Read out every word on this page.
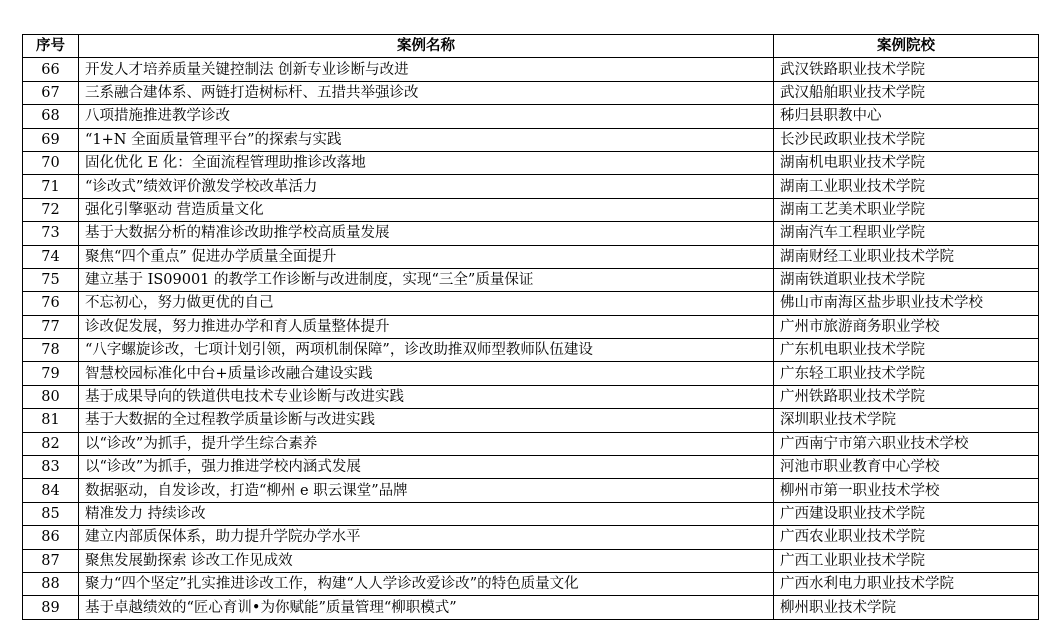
序号	案例名称	案例院校
66	开发人才培养质量关键控制法 创新专业诊断与改进	武汉铁路职业技术学院
67	三系融合建体系、两链打造树标杆、五措共举强诊改	武汉船舶职业技术学院
68	八项措施推进教学诊改	秭归县职教中心
69	“1+N 全面质量管理平台”的探索与实践	长沙民政职业技术学院
70	固化优化 E 化：全面流程管理助推诊改落地	湖南机电职业技术学院
71	“诊改式”绩效评价激发学校改革活力	湖南工业职业技术学院
72	强化引擎驱动 营造质量文化	湖南工艺美术职业学院
73	基于大数据分析的精准诊改助推学校高质量发展	湖南汽车工程职业学院
74	聚焦“四个重点” 促进办学质量全面提升	湖南财经工业职业技术学院
75	建立基于 IS09001 的教学工作诊断与改进制度，实现“三全”质量保证	湖南铁道职业技术学院
76	不忘初心，努力做更优的自己	佛山市南海区盐步职业技术学校
77	诊改促发展，努力推进办学和育人质量整体提升	广州市旅游商务职业学校
78	“八字螺旋诊改，七项计划引领，两项机制保障”，诊改助推双师型教师队伍建设	广东机电职业技术学院
79	智慧校园标准化中台+质量诊改融合建设实践	广东轻工职业技术学院
80	基于成果导向的铁道供电技术专业诊断与改进实践	广州铁路职业技术学院
81	基于大数据的全过程教学质量诊断与改进实践	深圳职业技术学院
82	以“诊改”为抓手，提升学生综合素养	广西南宁市第六职业技术学校
83	以“诊改”为抓手，强力推进学校内涵式发展	河池市职业教育中心学校
84	数据驱动，自发诊改，打造“柳州 e 职云课堂”品牌	柳州市第一职业技术学校
85	精准发力 持续诊改	广西建设职业技术学院
86	建立内部质保体系，助力提升学院办学水平	广西农业职业技术学院
87	聚焦发展勤探索 诊改工作见成效	广西工业职业技术学院
88	聚力“四个坚定”扎实推进诊改工作，构建“人人学诊改爱诊改”的特色质量文化	广西水利电力职业技术学院
89	基于卓越绩效的“匠心育训•为你赋能”质量管理“柳职模式”	柳州职业技术学院
